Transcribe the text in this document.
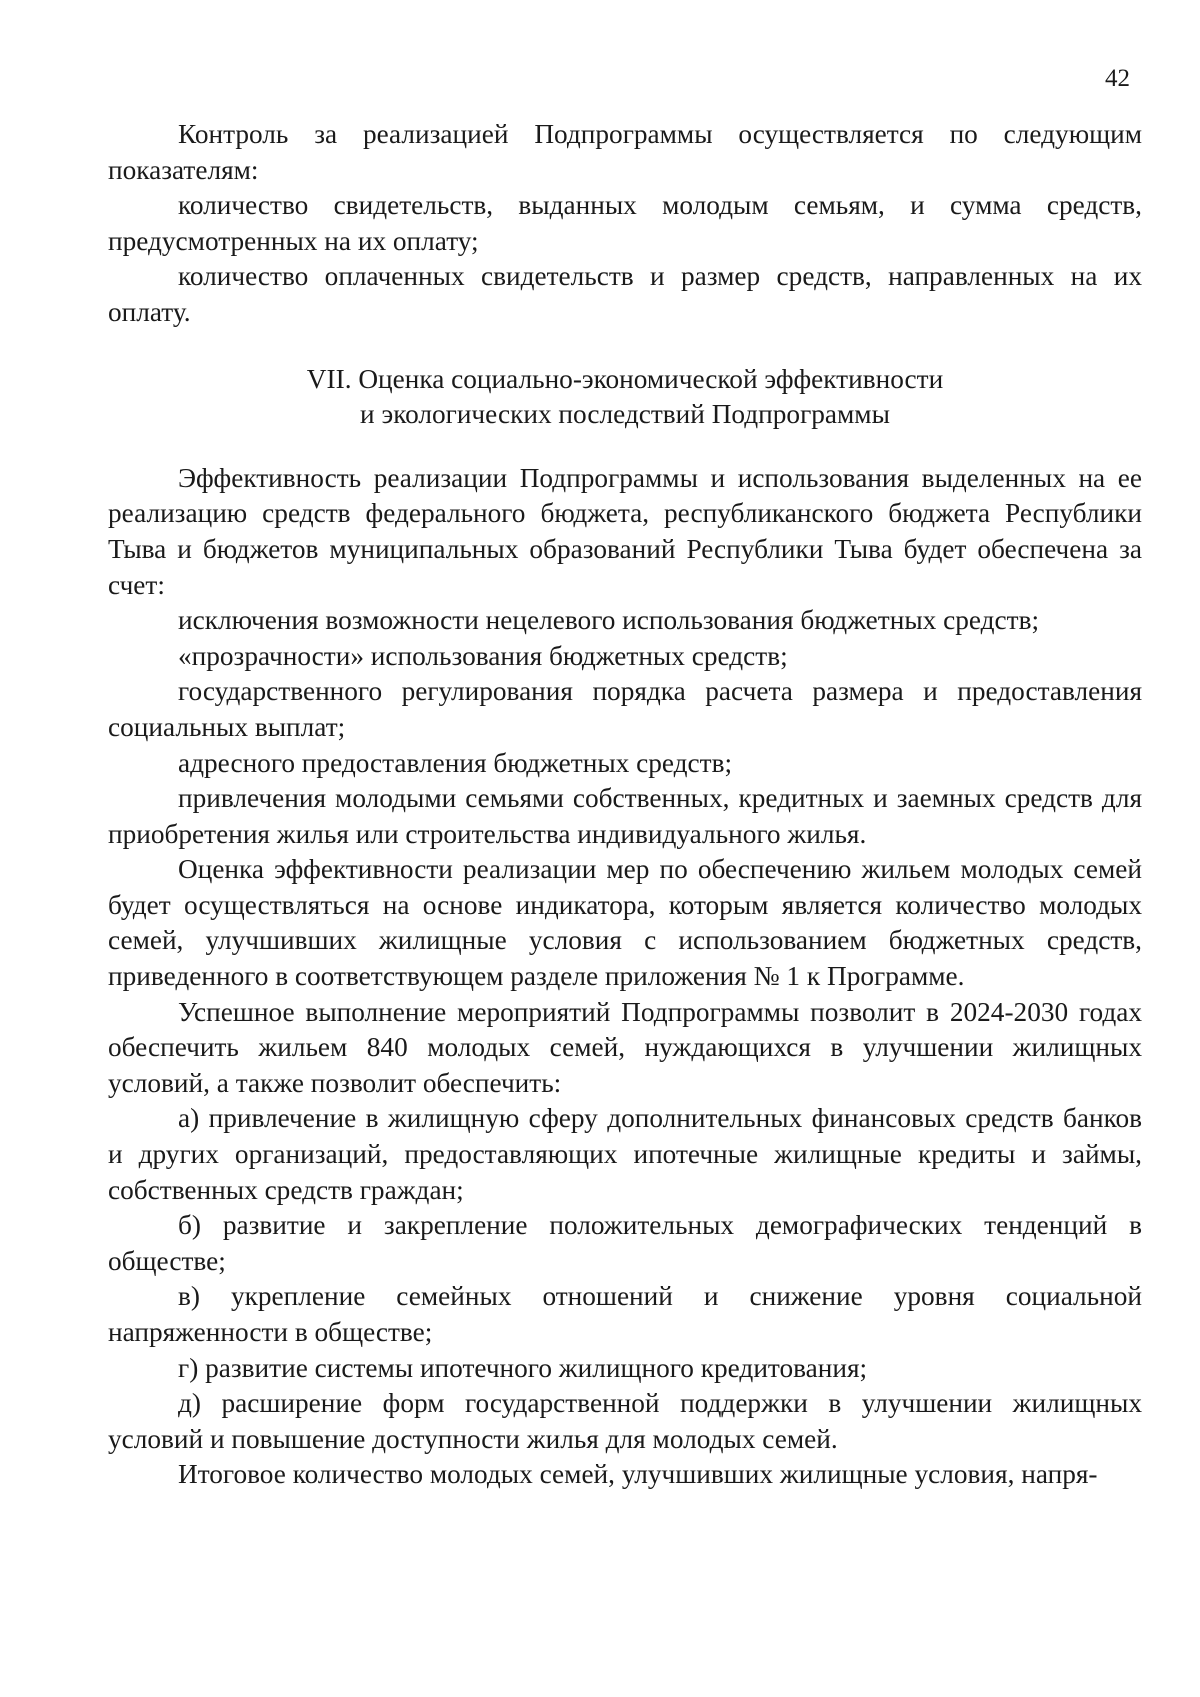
42

Контроль за реализацией Подпрограммы осуществляется по следующим показателям:

количество свидетельств, выданных молодым семьям, и сумма средств, предусмотренных на их оплату;

количество оплаченных свидетельств и размер средств, направленных на их оплату.

VII. Оценка социально-экономической эффективности
и экологических последствий Подпрограммы

Эффективность реализации Подпрограммы и использования выделенных на ее реализацию средств федерального бюджета, республиканского бюджета Республики Тыва и бюджетов муниципальных образований Республики Тыва будет обеспечена за счет:

исключения возможности нецелевого использования бюджетных средств;

«прозрачности» использования бюджетных средств;

государственного регулирования порядка расчета размера и предоставления социальных выплат;

адресного предоставления бюджетных средств;

привлечения молодыми семьями собственных, кредитных и заемных средств для приобретения жилья или строительства индивидуального жилья.

Оценка эффективности реализации мер по обеспечению жильем молодых семей будет осуществляться на основе индикатора, которым является количество молодых семей, улучшивших жилищные условия с использованием бюджетных средств, приведенного в соответствующем разделе приложения № 1 к Программе.

Успешное выполнение мероприятий Подпрограммы позволит в 2024-2030 годах обеспечить жильем 840 молодых семей, нуждающихся в улучшении жилищных условий, а также позволит обеспечить:

а) привлечение в жилищную сферу дополнительных финансовых средств банков и других организаций, предоставляющих ипотечные жилищные кредиты и займы, собственных средств граждан;

б) развитие и закрепление положительных демографических тенденций в обществе;

в) укрепление семейных отношений и снижение уровня социальной напряженности в обществе;

г) развитие системы ипотечного жилищного кредитования;

д) расширение форм государственной поддержки в улучшении жилищных условий и повышение доступности жилья для молодых семей.

Итоговое количество молодых семей, улучшивших жилищные условия, напря-
